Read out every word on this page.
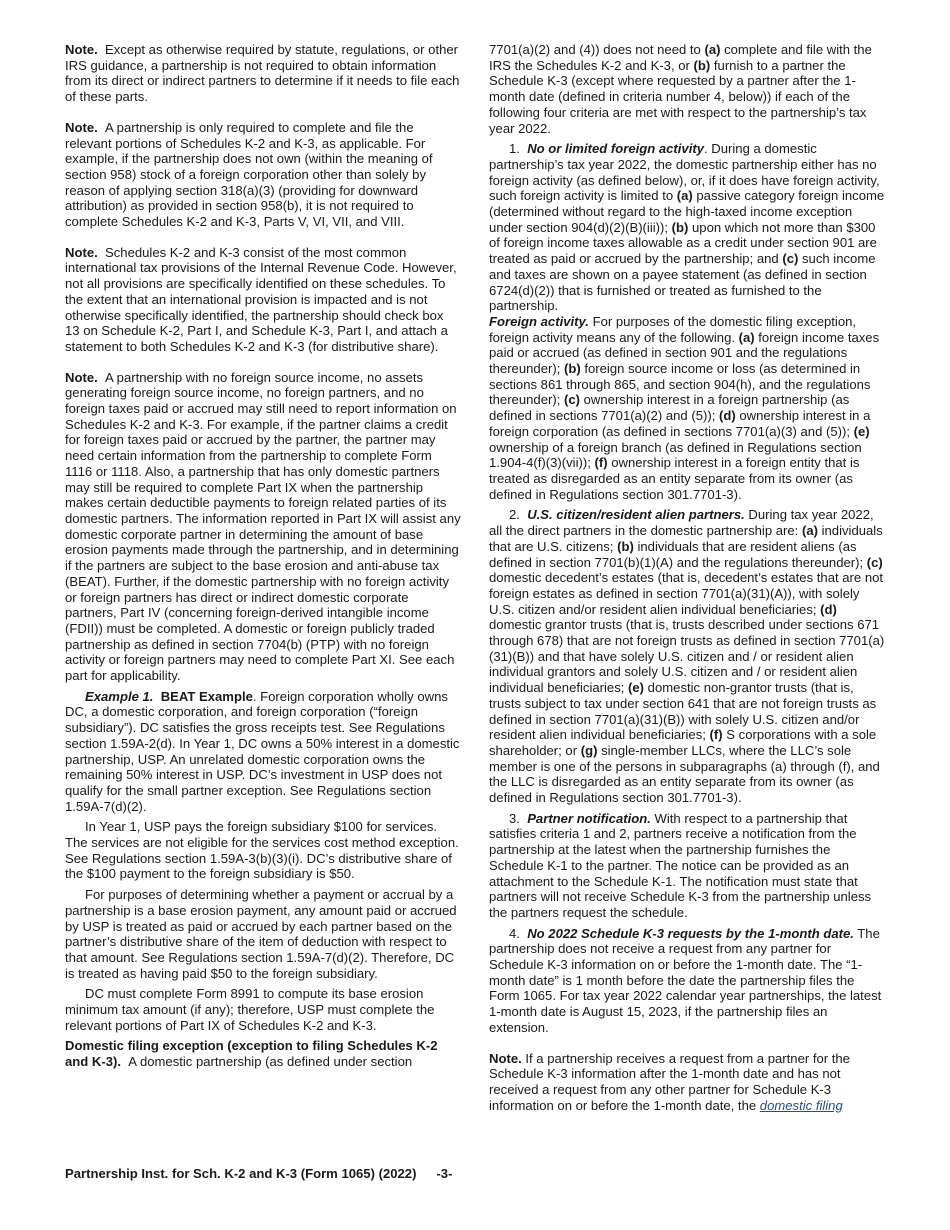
Note. Except as otherwise required by statute, regulations, or other IRS guidance, a partnership is not required to obtain information from its direct or indirect partners to determine if it needs to file each of these parts.

Note. A partnership is only required to complete and file the relevant portions of Schedules K-2 and K-3, as applicable. For example, if the partnership does not own (within the meaning of section 958) stock of a foreign corporation other than solely by reason of applying section 318(a)(3) (providing for downward attribution) as provided in section 958(b), it is not required to complete Schedules K-2 and K-3, Parts V, VI, VII, and VIII.

Note. Schedules K-2 and K-3 consist of the most common international tax provisions of the Internal Revenue Code. However, not all provisions are specifically identified on these schedules. To the extent that an international provision is impacted and is not otherwise specifically identified, the partnership should check box 13 on Schedule K-2, Part I, and Schedule K-3, Part I, and attach a statement to both Schedules K-2 and K-3 (for distributive share).

Note. A partnership with no foreign source income, no assets generating foreign source income, no foreign partners, and no foreign taxes paid or accrued may still need to report information on Schedules K-2 and K-3. For example, if the partner claims a credit for foreign taxes paid or accrued by the partner, the partner may need certain information from the partnership to complete Form 1116 or 1118. Also, a partnership that has only domestic partners may still be required to complete Part IX when the partnership makes certain deductible payments to foreign related parties of its domestic partners. The information reported in Part IX will assist any domestic corporate partner in determining the amount of base erosion payments made through the partnership, and in determining if the partners are subject to the base erosion and anti-abuse tax (BEAT). Further, if the domestic partnership with no foreign activity or foreign partners has direct or indirect domestic corporate partners, Part IV (concerning foreign-derived intangible income (FDII)) must be completed. A domestic or foreign publicly traded partnership as defined in section 7704(b) (PTP) with no foreign activity or foreign partners may need to complete Part XI. See each part for applicability.

Example 1. BEAT Example. Foreign corporation wholly owns DC, a domestic corporation, and foreign corporation (“foreign subsidiary”). DC satisfies the gross receipts test. See Regulations section 1.59A-2(d). In Year 1, DC owns a 50% interest in a domestic partnership, USP. An unrelated domestic corporation owns the remaining 50% interest in USP. DC’s investment in USP does not qualify for the small partner exception. See Regulations section 1.59A-7(d)(2).

In Year 1, USP pays the foreign subsidiary $100 for services. The services are not eligible for the services cost method exception. See Regulations section 1.59A-3(b)(3)(i). DC’s distributive share of the $100 payment to the foreign subsidiary is $50.

For purposes of determining whether a payment or accrual by a partnership is a base erosion payment, any amount paid or accrued by USP is treated as paid or accrued by each partner based on the partner’s distributive share of the item of deduction with respect to that amount. See Regulations section 1.59A-7(d)(2). Therefore, DC is treated as having paid $50 to the foreign subsidiary.

DC must complete Form 8991 to compute its base erosion minimum tax amount (if any); therefore, USP must complete the relevant portions of Part IX of Schedules K-2 and K-3.

Domestic filing exception (exception to filing Schedules K-2 and K-3). A domestic partnership (as defined under section

7701(a)(2) and (4)) does not need to (a) complete and file with the IRS the Schedules K-2 and K-3, or (b) furnish to a partner the Schedule K-3 (except where requested by a partner after the 1-month date (defined in criteria number 4, below)) if each of the following four criteria are met with respect to the partnership’s tax year 2022.

1. No or limited foreign activity. During a domestic partnership’s tax year 2022, the domestic partnership either has no foreign activity (as defined below), or, if it does have foreign activity, such foreign activity is limited to (a) passive category foreign income (determined without regard to the high-taxed income exception under section 904(d)(2)(B)(iii)); (b) upon which not more than $300 of foreign income taxes allowable as a credit under section 901 are treated as paid or accrued by the partnership; and (c) such income and taxes are shown on a payee statement (as defined in section 6724(d)(2)) that is furnished or treated as furnished to the partnership.

Foreign activity. For purposes of the domestic filing exception, foreign activity means any of the following. (a) foreign income taxes paid or accrued (as defined in section 901 and the regulations thereunder); (b) foreign source income or loss (as determined in sections 861 through 865, and section 904(h), and the regulations thereunder); (c) ownership interest in a foreign partnership (as defined in sections 7701(a)(2) and (5)); (d) ownership interest in a foreign corporation (as defined in sections 7701(a)(3) and (5)); (e) ownership of a foreign branch (as defined in Regulations section 1.904-4(f)(3)(vii)); (f) ownership interest in a foreign entity that is treated as disregarded as an entity separate from its owner (as defined in Regulations section 301.7701-3).

2. U.S. citizen/resident alien partners. During tax year 2022, all the direct partners in the domestic partnership are: (a) individuals that are U.S. citizens; (b) individuals that are resident aliens (as defined in section 7701(b)(1)(A) and the regulations thereunder); (c) domestic decedent’s estates (that is, decedent’s estates that are not foreign estates as defined in section 7701(a)(31)(A)), with solely U.S. citizen and/or resident alien individual beneficiaries; (d) domestic grantor trusts (that is, trusts described under sections 671 through 678) that are not foreign trusts as defined in section 7701(a)(31)(B)) and that have solely U.S. citizen and / or resident alien individual grantors and solely U.S. citizen and / or resident alien individual beneficiaries; (e) domestic non-grantor trusts (that is, trusts subject to tax under section 641 that are not foreign trusts as defined in section 7701(a)(31)(B)) with solely U.S. citizen and/or resident alien individual beneficiaries; (f) S corporations with a sole shareholder; or (g) single-member LLCs, where the LLC’s sole member is one of the persons in subparagraphs (a) through (f), and the LLC is disregarded as an entity separate from its owner (as defined in Regulations section 301.7701-3).

3. Partner notification. With respect to a partnership that satisfies criteria 1 and 2, partners receive a notification from the partnership at the latest when the partnership furnishes the Schedule K-1 to the partner. The notice can be provided as an attachment to the Schedule K-1. The notification must state that partners will not receive Schedule K-3 from the partnership unless the partners request the schedule.

4. No 2022 Schedule K-3 requests by the 1-month date. The partnership does not receive a request from any partner for Schedule K-3 information on or before the 1-month date. The “1-month date” is 1 month before the date the partnership files the Form 1065. For tax year 2022 calendar year partnerships, the latest 1-month date is August 15, 2023, if the partnership files an extension.

Note. If a partnership receives a request from a partner for the Schedule K-3 information after the 1-month date and has not received a request from any other partner for Schedule K-3 information on or before the 1-month date, the domestic filing

Partnership Inst. for Sch. K-2 and K-3 (Form 1065) (2022) -3-
